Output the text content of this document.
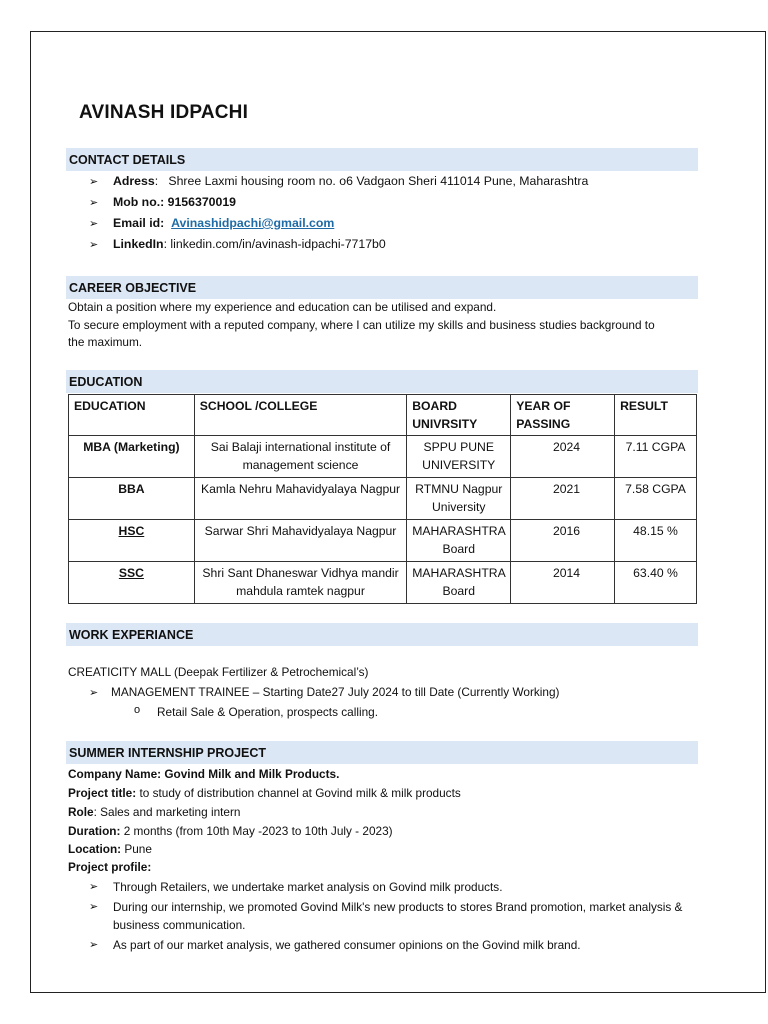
AVINASH IDPACHI
CONTACT DETAILS
➢ Adress:   Shree Laxmi housing room no. o6 Vadgaon Sheri 411014 Pune, Maharashtra
➢ Mob no.: 9156370019
➢ Email id: Avinashidpachi@gmail.com
➢ LinkedIn: linkedin.com/in/avinash-idpachi-7717b0
CAREER OBJECTIVE
Obtain a position where my experience and education can be utilised and expand.
To secure employment with a reputed company, where I can utilize my skills and business studies background to
the maximum.
EDUCATION
EDUCATION	SCHOOL /COLLEGE	BOARD UNIVRSITY	YEAR OF PASSING	RESULT
MBA (Marketing)	Sai Balaji international institute of management science	SPPU PUNE UNIVERSITY	2024	7.11 CGPA
BBA	Kamla Nehru Mahavidyalaya Nagpur	RTMNU Nagpur University	2021	7.58 CGPA
HSC	Sarwar Shri Mahavidyalaya Nagpur	MAHARASHTRA Board	2016	48.15 %
SSC	Shri Sant Dhaneswar Vidhya mandir mahdula ramtek nagpur	MAHARASHTRA Board	2014	63.40 %
WORK EXPERIANCE
CREATICITY MALL (Deepak Fertilizer & Petrochemical’s)
➢ MANAGEMENT TRAINEE – Starting Date27 July 2024 to till Date (Currently Working)
o Retail Sale & Operation, prospects calling.
SUMMER INTERNSHIP PROJECT
Company Name: Govind Milk and Milk Products.
Project title: to study of distribution channel at Govind milk & milk products
Role: Sales and marketing intern
Duration: 2 months (from 10th May -2023 to 10th July - 2023)
Location: Pune
Project profile:
➢ Through Retailers, we undertake market analysis on Govind milk products.
➢ During our internship, we promoted Govind Milk's new products to stores Brand promotion, market analysis &
business communication.
➢ As part of our market analysis, we gathered consumer opinions on the Govind milk brand.
